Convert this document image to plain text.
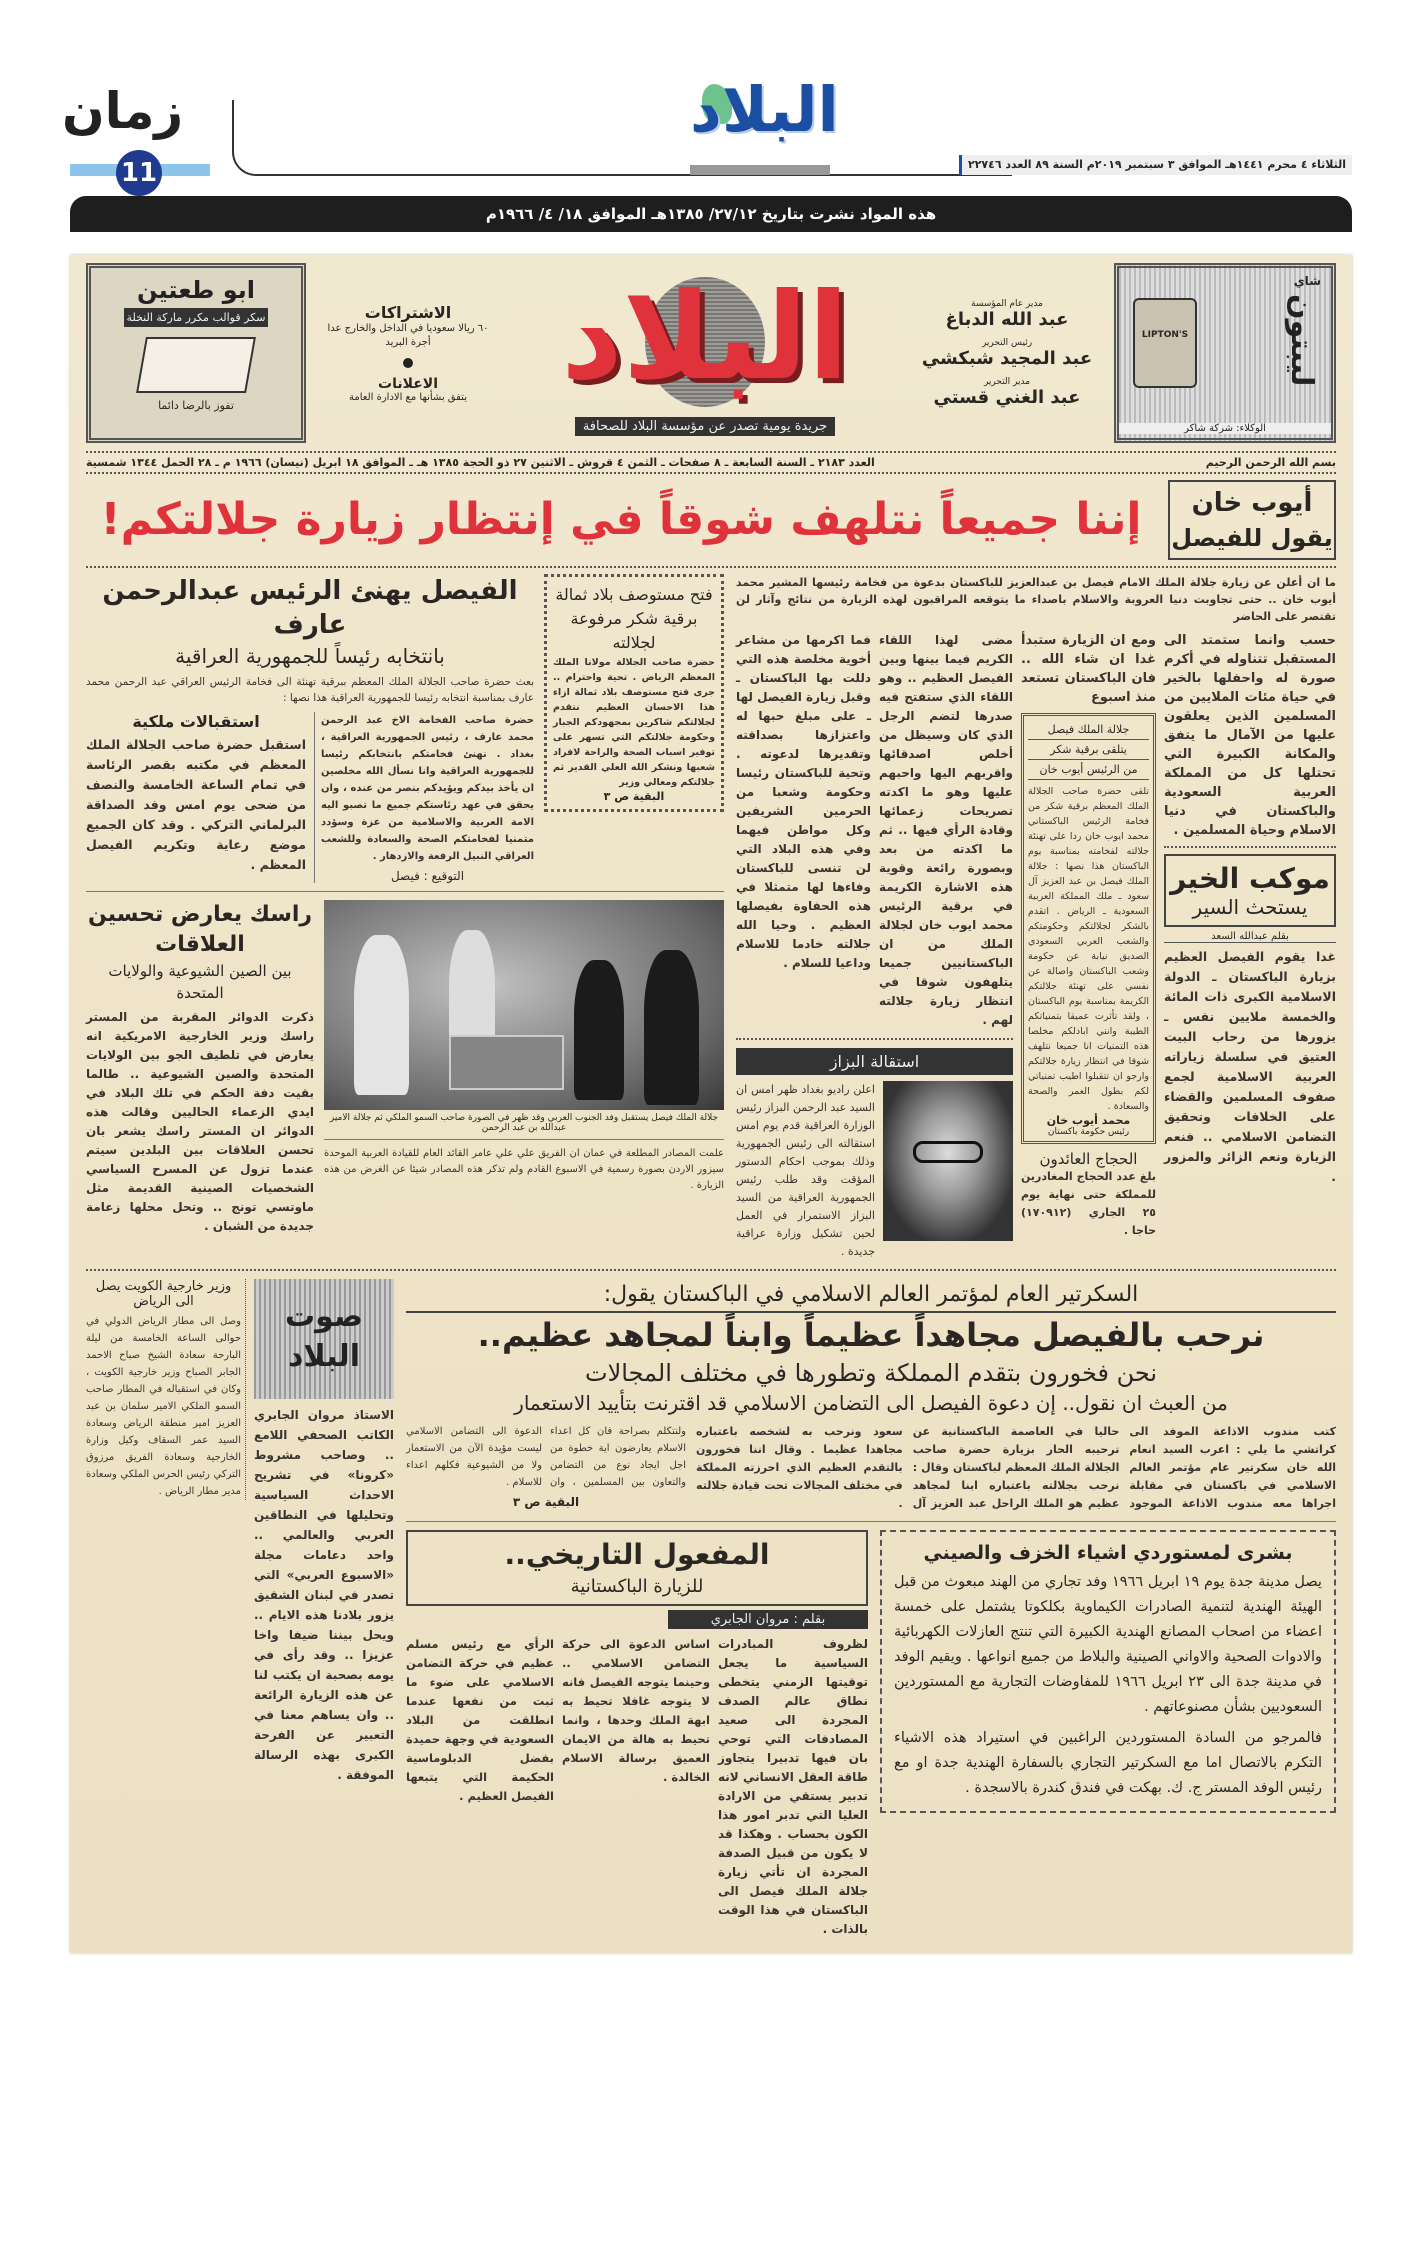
زمان
11
البلاد
الثلاثاء ٤ محرم ١٤٤١هـ الموافق ٣ سبتمبر ٢٠١٩م السنة ٨٩ العدد ٢٢٧٤٦
هذه المواد نشرت بتاريخ ٢٧/١٢/ ١٣٨٥هـ الموافق ١٨/ ٤/ ١٩٦٦م
LIPTON'S
شاي
ليبتون
الوكلاء: شركة شاكر
مدير عام المؤسسة
عبد الله الدباغ
رئيس التحرير
عبد المجيد شبكشي
مدير التحرير
عبد الغني قستي
البلاد
جريدة يومية تصدر عن مؤسسة البلاد للصحافة
الاشتراكات
٦٠ ريالا سعوديا في الداخل والخارج عدا أجرة البريد
الاعلانات
يتفق بشأنها مع الادارة العامة
ابو طعتين
سكر قوالب مكرر ماركة النخلة
تفوز بالرضا دائما
بسم الله الرحمن الرحيم
العدد ٢١٨٣ ـ السنة السابعة ـ ٨ صفحات ـ الثمن ٤ قروش ـ الاثنين ٢٧ ذو الحجة ١٣٨٥ هـ ـ الموافق ١٨ ابريل (نيسان) ١٩٦٦ م ـ ٢٨ الحمل ١٣٤٤ شمسية
أيوب خان
يقول للفيصل
إننا جميعاً نتلهف شوقاً في إنتظار زيارة جلالتكم!
ما ان أعلن عن زيارة جلالة الملك الامام فيصل بن عبدالعزيز للباكستان بدعوة من فخامة رئيسها المشير محمد أيوب خان .. حتى تجاوبت دنيا العروبة والاسلام باصداء ما يتوقعه المراقبون لهذه الزيارة من نتائج وآثار لن تقتصر على الحاضر
حسب وانما ستمتد الى المستقبل تتناوله في أكرم صورة له واحفلها بالخير في حياة مئات الملايين من المسلمين الذين يعلقون عليها من الآمال ما يتفق والمكانة الكبيرة التي تحتلها كل من المملكة العربية السعودية والباكستان في دنيا الاسلام وحياة المسلمين .
موكب الخير
يستحث السير
بقلم عبدالله السعد
غدا يقوم الفيصل العظيم بزيارة الباكستان ـ الدولة الاسلامية الكبرى ذات المائة والخمسة ملايين نفس ـ يزورها من رحاب البيت العتيق في سلسلة زياراته العربية الاسلامية لجمع صفوف المسلمين والقضاء على الخلافات وتحقيق التضامن الاسلامي .. فنعم الزيارة ونعم الزائر والمزور .
ومع ان الزيارة ستبدأ غدا ان شاء الله .. فان الباكستان تستعد منذ اسبوع
جلالة الملك فيصل
يتلقى برقية شكر
من الرئيس أيوب خان
تلقى حضرة صاحب الجلالة الملك المعظم برقية شكر من فخامة الرئيس الباكستاني محمد ايوب خان ردا على تهنئة جلالته لفخامته بمناسبة يوم الباكستان هذا نصها : جلالة الملك فيصل بن عبد العزيز آل سعود ـ ملك المملكة العربية السعودية ـ الرياض . اتقدم بالشكر لجلالتكم وحكومتكم والشعب العربي السعودي الصديق نيابة عن حكومة وشعب الباكستان واصالة عن نفسي على تهنئة جلالتكم الكريمة بمناسبة يوم الباكستان ، ولقد تأثرت عميقا بتمنياتكم الطيبة وانني ابادلكم مخلصا هذه التمنيات انا جميعا نتلهف شوقا في انتظار زيارة جلالتكم وارجو ان تتقبلوا اطيب تمنياتي لكم بطول العمر والصحة والسعادة .
محمد أيوب خان
رئيس حكومة باكستان
الحجاج العائدون
بلغ عدد الحجاج المغادرين للمملكة حتى نهاية يوم ٢٥ الجاري (١٧٠٩١٢) حاجا .
مضى لهذا اللقاء الكريم فيما بينها وبين الفيصل العظيم .. وهو اللقاء الذي ستفتح فيه صدرها لتضم الرجل الذي كان وسيظل من أخلص اصدقائها واقربهم اليها واحبهم عليها وهو ما اكدته تصريحات زعمائها وقادة الرأي فيها .. ثم ما اكدته من بعد وبصورة رائعة وقوية هذه الاشارة الكريمة في برقية الرئيس محمد ايوب خان لجلالة الملك من ان الباكستانيين جميعا يتلهفون شوقا في انتظار زيارة جلالته لهم .
فما اكرمها من مشاعر أخوية مخلصة هذه التي دللت بها الباكستان ـ وقبل زيارة الفيصل لها ـ على مبلغ حبها له واعتزازها بصداقته وتقديرها لدعوته . وتحية للباكستان رئيسا وحكومة وشعبا من الحرمين الشريفين وكل مواطن فيهما وفي هذه البلاد التي لن تنسى للباكستان وفاءها لها متمثلا في هذه الحفاوة بفيصلها العظيم . وحيا الله جلالته خادما للاسلام وداعيا للسلام .
استقالة البزاز
اعلن راديو بغداد ظهر امس ان السيد عبد الرحمن البزاز رئيس الوزارة العراقية قدم يوم امس استقالته الى رئيس الجمهورية وذلك بموجب احكام الدستور المؤقت وقد طلب رئيس الجمهورية العراقية من السيد البزاز الاستمرار في العمل لحين تشكيل وزارة عراقية جديدة .
فتح مستوصف بلاد ثمالة برقية شكر مرفوعة لجلالته
حضرة صاحب الجلالة مولانا الملك المعظم الرياض . تحية واحترام .. جرى فتح مستوصف بلاد ثمالة ازاء هذا الاحسان العظيم نتقدم لجلالتكم شاكرين بمجهودكم الجبار وحكومة جلالتكم التي تسهر على توفير اسباب الصحة والراحة لافراد شعبها ونشكر الله العلي القدير ثم جلالتكم ومعالي وزير
البقية ص ٣
الفيصل يهنئ الرئيس عبدالرحمن عارف
بانتخابه رئيساً للجمهورية العراقية
بعث حضرة صاحب الجلالة الملك المعظم ببرقية تهنئة الى فخامة الرئيس العراقي عبد الرحمن محمد عارف بمناسبة انتخابه رئيسا للجمهورية العراقية هذا نصها :
حضرة صاحب الفخامة الاخ عبد الرحمن محمد عارف ، رئيس الجمهورية العراقية ، بغداد . نهنئ فخامتكم بانتخابكم رئيسا للجمهورية العراقية وانا نسأل الله مخلصين ان يأخذ بيدكم ويؤيدكم بنصر من عنده ، وان يحقق في عهد رئاستكم جميع ما تصبو اليه الامة العربية والاسلامية من عزة وسؤدد متمنيا لفخامتكم الصحة والسعادة وللشعب العراقي النبيل الرفعة والازدهار .
التوقيع : فيصل
استقبالات ملكية
استقبل حضرة صاحب الجلالة الملك المعظم في مكتبه بقصر الرئاسة في تمام الساعة الخامسة والنصف من ضحى يوم امس وفد الصداقة البرلماني التركي . وقد كان الجميع موضع رعاية وتكريم الفيصل المعظم .
جلالة الملك فيصل يستقبل وفد الجنوب العربي وقد ظهر في الصورة صاحب السمو الملكي ثم جلالة الامير عبدالله بن عبد الرحمن
علمت المصادر المطلعة في عمان ان الفريق علي علي عامر القائد العام للقيادة العربية الموحدة سيزور الاردن بصورة رسمية في الاسبوع القادم ولم تذكر هذه المصادر شيئا عن الغرض من هذه الزيارة .
راسك يعارض تحسين العلاقات
بين الصين الشيوعية والولايات المتحدة
ذكرت الدوائر المقربة من المستر راسك وزير الخارجية الامريكية انه يعارض في تلطيف الجو بين الولايات المتحدة والصين الشيوعية .. طالما بقيت دفة الحكم في تلك البلاد في ايدي الزعماء الحاليين وقالت هذه الدوائر ان المستر راسك يشعر بان تحسن العلاقات بين البلدين سيتم عندما تزول عن المسرح السياسي الشخصيات الصينية القديمة مثل ماوتسي تونج .. وتحل محلها زعامة جديدة من الشبان .
السكرتير العام لمؤتمر العالم الاسلامي في الباكستان يقول:
نرحب بالفيصل مجاهداً عظيماً وابناً لمجاهد عظيم..
نحن فخورون بتقدم المملكة وتطورها في مختلف المجالات
من العبث ان نقول.. إن دعوة الفيصل الى التضامن الاسلامي قد اقترنت بتأييد الاستعمار
كتب مندوب الاذاعة الموفد الى كراتشي ما يلي : اعرب السيد انعام الله خان سكرتير عام مؤتمر العالم الاسلامي في باكستان في مقابلة اجراها معه مندوب الاذاعة الموجود حاليا في العاصمة الباكستانية عن ترحيبه الحار بزيارة حضرة صاحب الجلالة الملك المعظم لباكستان وقال : نرحب بجلالته باعتباره ابنا لمجاهد عظيم هو الملك الراحل عبد العزيز آل سعود ونرحب به لشخصه باعتباره مجاهدا عظيما . وقال اننا فخورون بالتقدم العظيم الذي احرزته المملكة في مختلف المجالات تحت قيادة جلالته .
ولنتكلم بصراحة فان كل اعداء الاسلام يعارضون اية خطوة من اجل ايجاد نوع من التضامن والتعاون بين المسلمين ، وان الدعوة الى التضامن الاسلامي ليست مؤيدة الآن من الاستعمار ولا من الشيوعية فكلهم اعداء للاسلام .
البقية ص ٣
بشرى لمستوردي اشياء الخزف والصيني
يصل مدينة جدة يوم ١٩ ابريل ١٩٦٦ وفد تجاري من الهند مبعوث من قبل الهيئة الهندية لتنمية الصادرات الكيماوية بكلكوتا يشتمل على خمسة اعضاء من اصحاب المصانع الهندية الكبيرة التي تنتج العازلات الكهربائية والادوات الصحية والاواني الصينية والبلاط من جميع انواعها . ويقيم الوفد في مدينة جدة الى ٢٣ ابريل ١٩٦٦ للمفاوضات التجارية مع المستوردين السعوديين بشأن مصنوعاتهم .
فالمرجو من السادة المستوردين الراغبين في استيراد هذه الاشياء التكرم بالاتصال اما مع السكرتير التجاري بالسفارة الهندية جدة او مع رئيس الوفد المستر ج. ك. بهكت في فندق كندرة بالاسجدة .
المفعول التاريخي..
للزيارة الباكستانية
بقلم : مروان الجابري
لظروف المبادرات السياسية ما يجعل توقيتها الزمني يتخطى نطاق عالم الصدف المجردة الى صعيد المصادفات التي توحي بان فيها تدبيرا يتجاوز طاقة العقل الانساني لانه تدبير يستقي من الارادة العليا التي تدبر امور هذا الكون بحساب . وهكذا قد لا يكون من قبيل الصدفة المجردة ان تأتي زيارة جلالة الملك فيصل الى الباكستان في هذا الوقت بالذات .
اساس الدعوة الى حركة التضامن الاسلامي .. وحينما يتوجه الفيصل فانه لا يتوجه غافلا تحيط به ابهة الملك وحدها ، وانما تحيط به هالة من الايمان العميق برسالة الاسلام الخالدة .
الرأي مع رئيس مسلم عظيم في حركة التضامن الاسلامي على ضوء ما ثبت من نفعها عندما انطلقت من البلاد السعودية في وجهة حميدة بفضل الدبلوماسية الحكيمة التي يتبعها الفيصل العظيم .
صوت البلاد
الاستاذ مروان الجابري الكاتب الصحفي اللامع .. وصاحب مشروط «كرونا» في تشريح الاحداث السياسية وتحليلها في النطاقين العربي والعالمي .. واحد دعامات مجلة «الاسبوع العربي» التي تصدر في لبنان الشقيق يزور بلادنا هذه الايام .. ويحل بيننا ضيفا واخا عزيزا .. وقد رأى في يومه بصحبة ان يكتب لنا عن هذه الزيارة الرائعة .. وان يساهم معنا في التعبير عن الفرحة الكبرى بهذه الرسالة الموفقة .
وزير خارجية الكويت يصل الى الرياض
وصل الى مطار الرياض الدولي في حوالى الساعة الخامسة من ليلة البارحة سعادة الشيخ صباح الاحمد الجابر الصباح وزير خارجية الكويت ، وكان في استقباله في المطار صاحب السمو الملكي الامير سلمان بن عبد العزيز امير منطقة الرياض وسعادة السيد عمر السقاف وكيل وزارة الخارجية وسعادة الفريق مرزوق التركي رئيس الحرس الملكي وسعادة مدير مطار الرياض .
